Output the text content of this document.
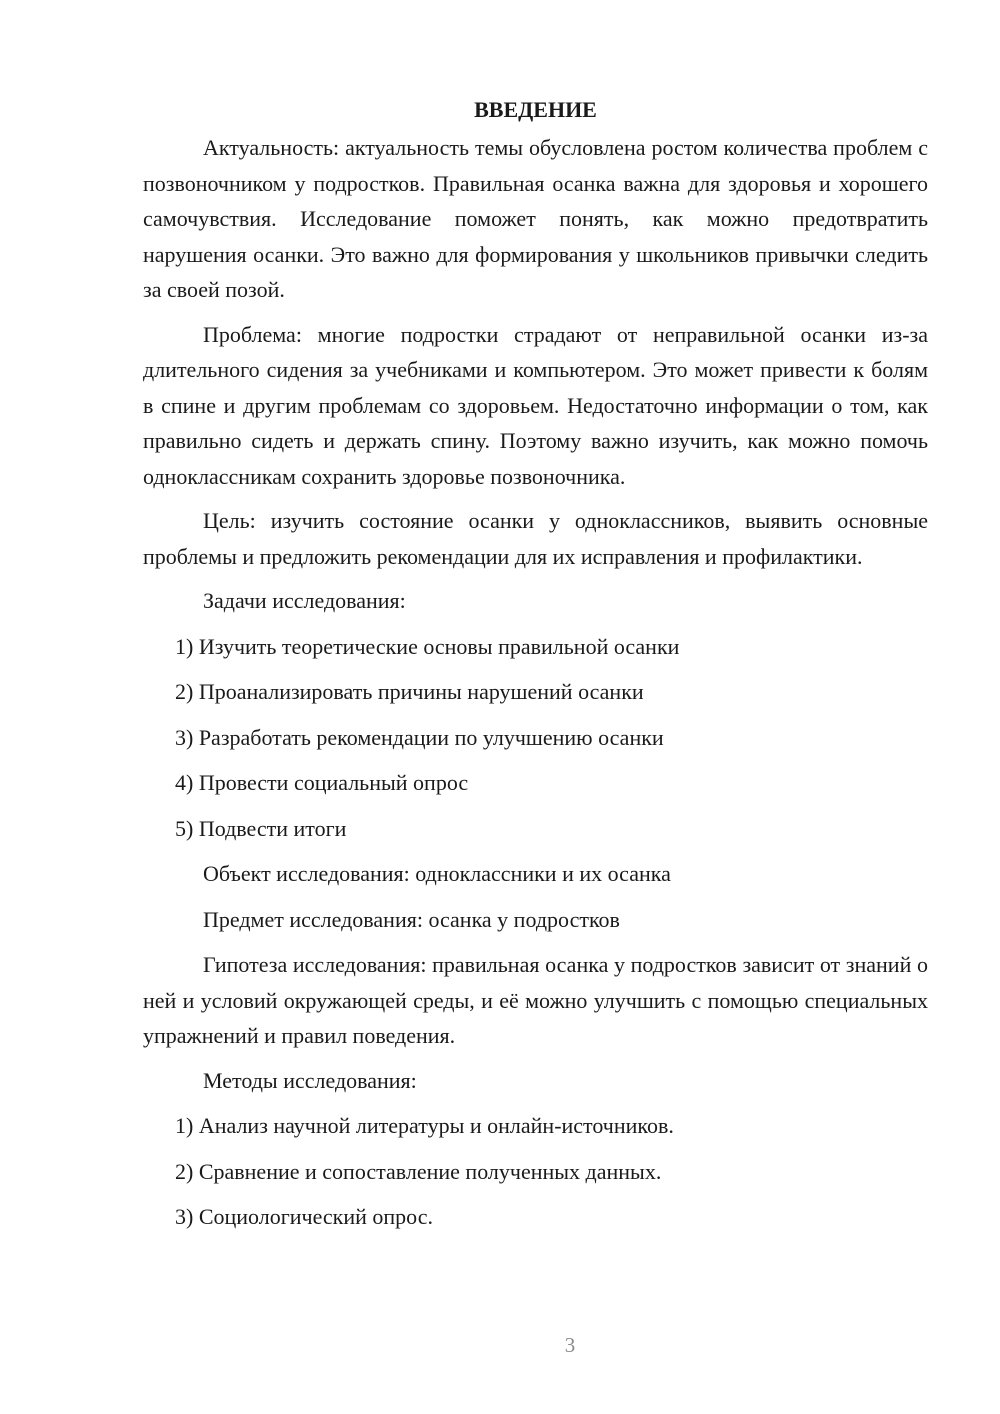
ВВЕДЕНИЕ

Актуальность: актуальность темы обусловлена ростом количества проблем с позвоночником у подростков. Правильная осанка важна для здоровья и хорошего самочувствия. Исследование поможет понять, как можно предотвратить нарушения осанки. Это важно для формирования у школьников привычки следить за своей позой.

Проблема: многие подростки страдают от неправильной осанки из-за длительного сидения за учебниками и компьютером. Это может привести к болям в спине и другим проблемам со здоровьем. Недостаточно информации о том, как правильно сидеть и держать спину. Поэтому важно изучить, как можно помочь одноклассникам сохранить здоровье позвоночника.

Цель: изучить состояние осанки у одноклассников, выявить основные проблемы и предложить рекомендации для их исправления и профилактики.

Задачи исследования:

1) Изучить теоретические основы правильной осанки

2) Проанализировать причины нарушений осанки

3) Разработать рекомендации по улучшению осанки

4) Провести социальный опрос

5) Подвести итоги

Объект исследования: одноклассники и их осанка

Предмет исследования: осанка у подростков

Гипотеза исследования: правильная осанка у подростков зависит от знаний о ней и условий окружающей среды, и её можно улучшить с помощью специальных упражнений и правил поведения.

Методы исследования:

1) Анализ научной литературы и онлайн-источников.

2) Сравнение и сопоставление полученных данных.

3) Социологический опрос.

3
